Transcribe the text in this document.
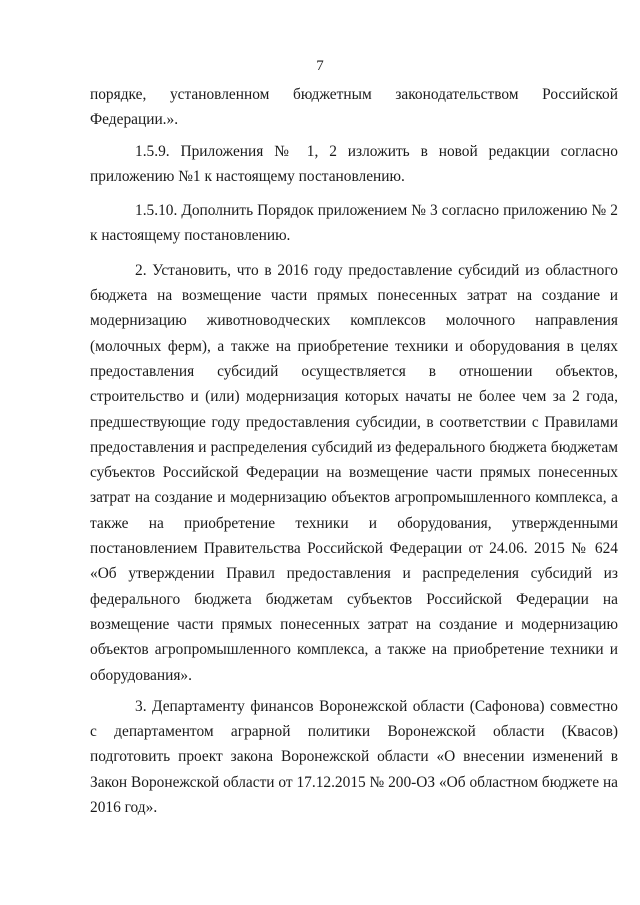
7

порядке,     установленном     бюджетным     законодательством     Российской Федерации.».

1.5.9. Приложения № 1, 2 изложить в новой редакции согласно приложению №1 к настоящему постановлению.

1.5.10. Дополнить Порядок приложением № 3 согласно приложению № 2 к настоящему постановлению.

2. Установить, что в 2016 году предоставление субсидий из областного бюджета на возмещение части прямых понесенных затрат на создание и модернизацию животноводческих комплексов молочного направления (молочных ферм), а также на приобретение техники и оборудования в целях предоставления субсидий осуществляется в отношении объектов, строительство и (или) модернизация которых начаты не более чем за 2 года, предшествующие году предоставления субсидии, в соответствии с Правилами предоставления и распределения субсидий из федерального бюджета бюджетам субъектов Российской Федерации на возмещение части прямых понесенных затрат на создание и модернизацию объектов агропромышленного комплекса, а также на приобретение техники и оборудования, утвержденными постановлением Правительства Российской Федерации от 24.06. 2015 № 624 «Об утверждении Правил предоставления и распределения субсидий из федерального бюджета бюджетам субъектов Российской Федерации на возмещение части прямых понесенных затрат на создание и модернизацию объектов агропромышленного комплекса, а также на приобретение техники и оборудования».

3. Департаменту финансов Воронежской области (Сафонова) совместно с департаментом аграрной политики Воронежской области (Квасов) подготовить проект закона Воронежской области «О внесении изменений в Закон Воронежской области от 17.12.2015 № 200-ОЗ «Об областном бюджете на 2016 год».
